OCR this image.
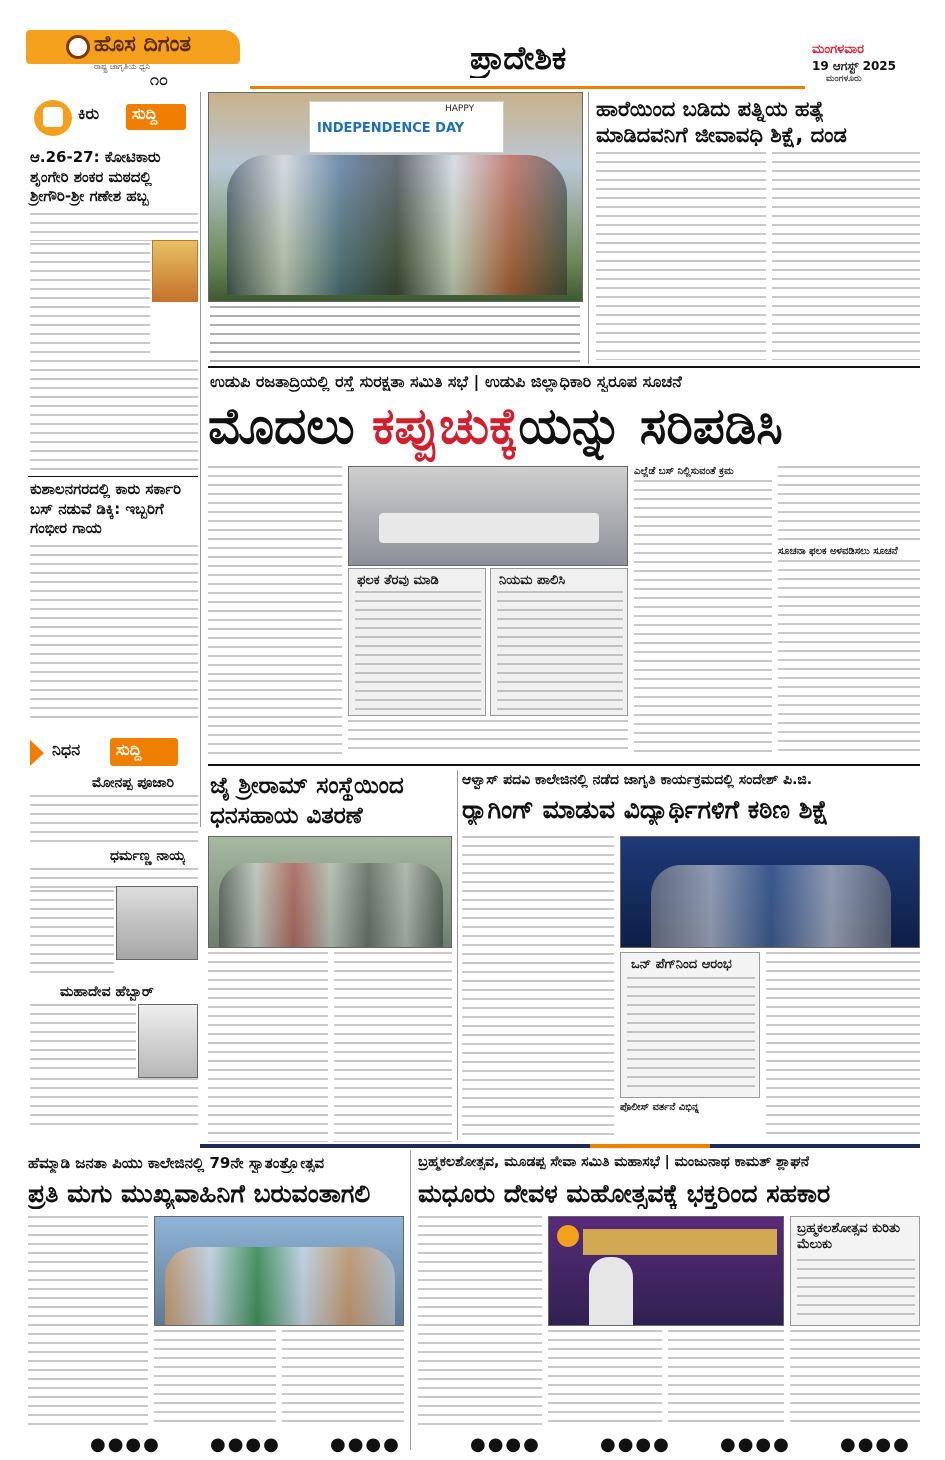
ಹೊಸ ದಿಗಂತ
ರಾಷ್ಟ್ರ ಜಾಗೃತಿಯ ಧ್ವನಿ
೧೦
ಪ್ರಾದೇಶಿಕ	ಮಂಗಳವಾರ
19 ಆಗಸ್ಟ್ 2025
ಮಂಗಳೂರು
ಕಿರು	ಸುದ್ದಿ
ಆ.26-27: ಕೋಟಿಕಾರು ಶೃಂಗೇರಿ ಶಂಕರ ಮಠದಲ್ಲಿ ಶ್ರೀಗೌರಿ-ಶ್ರೀ ಗಣೇಶ ಹಬ್ಬ
ಕುಶಾಲನಗರದಲ್ಲಿ ಕಾರು ಸರ್ಕಾರಿ ಬಸ್ ನಡುವೆ ಡಿಕ್ಕಿ: ಇಬ್ಬರಿಗೆ ಗಂಭೀರ ಗಾಯ
ನಿಧನ	ಸುದ್ದಿ
ಮೋನಪ್ಪ ಪೂಜಾರಿ
ಧರ್ಮಣ್ಣ ನಾಯ್ಕ
ಮಹಾದೇವ ಹೆಬ್ಬಾರ್
HAPPY
INDEPENDENCE DAY
ಹಾರೆಯಿಂದ ಬಡಿದು ಪತ್ನಿಯ ಹತ್ಯೆ
ಮಾಡಿದವನಿಗೆ ಜೀವಾವಧಿ ಶಿಕ್ಷೆ, ದಂಡ
ಉಡುಪಿ ರಜತಾದ್ರಿಯಲ್ಲಿ ರಸ್ತೆ ಸುರಕ್ಷತಾ ಸಮಿತಿ ಸಭೆ | ಉಡುಪಿ ಜಿಲ್ಲಾಧಿಕಾರಿ ಸ್ವರೂಪ ಸೂಚನೆ
ಮೊದಲು ಕಪ್ಪುಚುಕ್ಕೆಯನ್ನು ಸರಿಪಡಿಸಿ
ಫಲಕ ತೆರವು ಮಾಡಿ	ನಿಯಮ ಪಾಲಿಸಿ
ಎಲ್ಲೆಡೆ ಬಸ್ ನಿಲ್ಲಿಸುವಂತೆ ಕ್ರಮ
ಸೂಚನಾ ಫಲಕ ಅಳವಡಿಸಲು ಸೂಚನೆ
ಜೈ ಶ್ರೀರಾಮ್ ಸಂಸ್ಥೆಯಿಂದ
ಧನಸಹಾಯ ವಿತರಣೆ
ಆಳ್ವಾಸ್ ಪದವಿ ಕಾಲೇಜಿನಲ್ಲಿ ನಡೆದ ಜಾಗೃತಿ ಕಾರ್ಯಕ್ರಮದಲ್ಲಿ ಸಂದೇಶ್ ಪಿ.ಜಿ.
ರ್‍ಯಾಗಿಂಗ್ ಮಾಡುವ ವಿದ್ಯಾರ್ಥಿಗಳಿಗೆ ಕಠಿಣ ಶಿಕ್ಷೆ
ಒನ್ ಪೆಗ್‌ನಿಂದ ಆರಂಭ
ಪೊಲೀಸ್ ವರ್ತನೆ ವಿಭಿನ್ನ
ಹೆಮ್ಮಾಡಿ ಜನತಾ ಪಿಯು ಕಾಲೇಜಿನಲ್ಲಿ 79ನೇ ಸ್ವಾತಂತ್ರ್ಯೋತ್ಸವ
ಪ್ರತಿ ಮಗು ಮುಖ್ಯವಾಹಿನಿಗೆ ಬರುವಂತಾಗಲಿ
●●●●	●●●●	●●●●
ಬ್ರಹ್ಮಕಲಶೋತ್ಸವ, ಮೂಡಪ್ಪ ಸೇವಾ ಸಮಿತಿ ಮಹಾಸಭೆ | ಮಂಜುನಾಥ ಕಾಮತ್ ಶ್ಲಾಘನೆ
ಮಧೂರು ದೇವಳ ಮಹೋತ್ಸವಕ್ಕೆ ಭಕ್ತರಿಂದ ಸಹಕಾರ
ಬ್ರಹ್ಮಕಲಶೋತ್ಸವ ಕುರಿತು ಮೆಲುಕು
●●●●	●●●●	●●●●	●●●●
